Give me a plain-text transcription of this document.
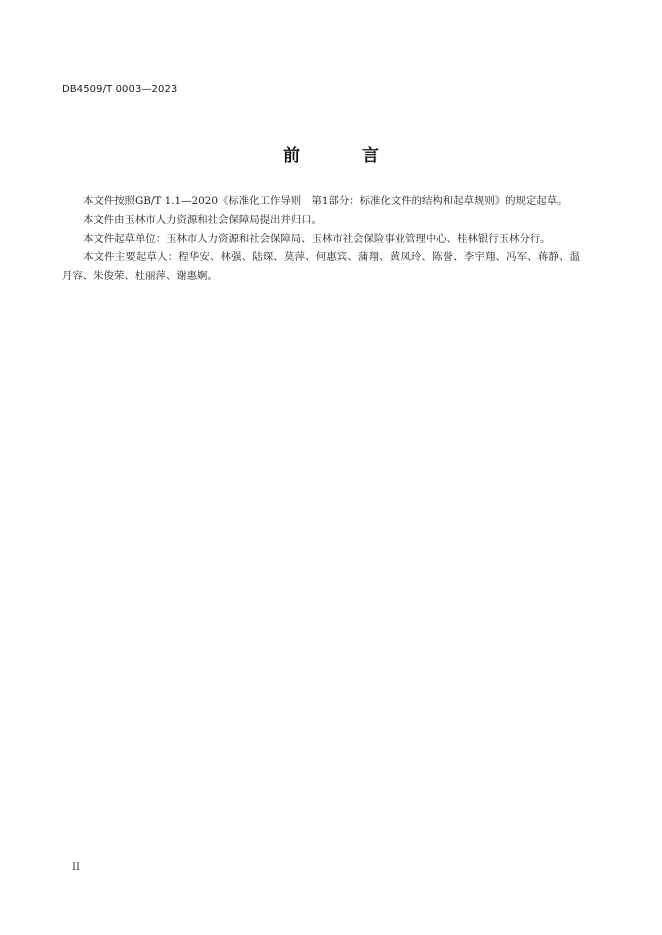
DB4509/T 0003—2023
前 言

本文件按照GB/T 1.1—2020《标准化工作导则　第1部分：标准化文件的结构和起草规则》的规定起草。

本文件由玉林市人力资源和社会保障局提出并归口。

本文件起草单位：玉林市人力资源和社会保障局、玉林市社会保险事业管理中心、桂林银行玉林分行。

本文件主要起草人：程华安、林强、陆琛、莫萍、何惠宾、蒲翔、黄凤玲、陈誉、李宇翔、冯军、蒋静、温月容、朱俊荣、杜丽萍、谢惠婀。

II
